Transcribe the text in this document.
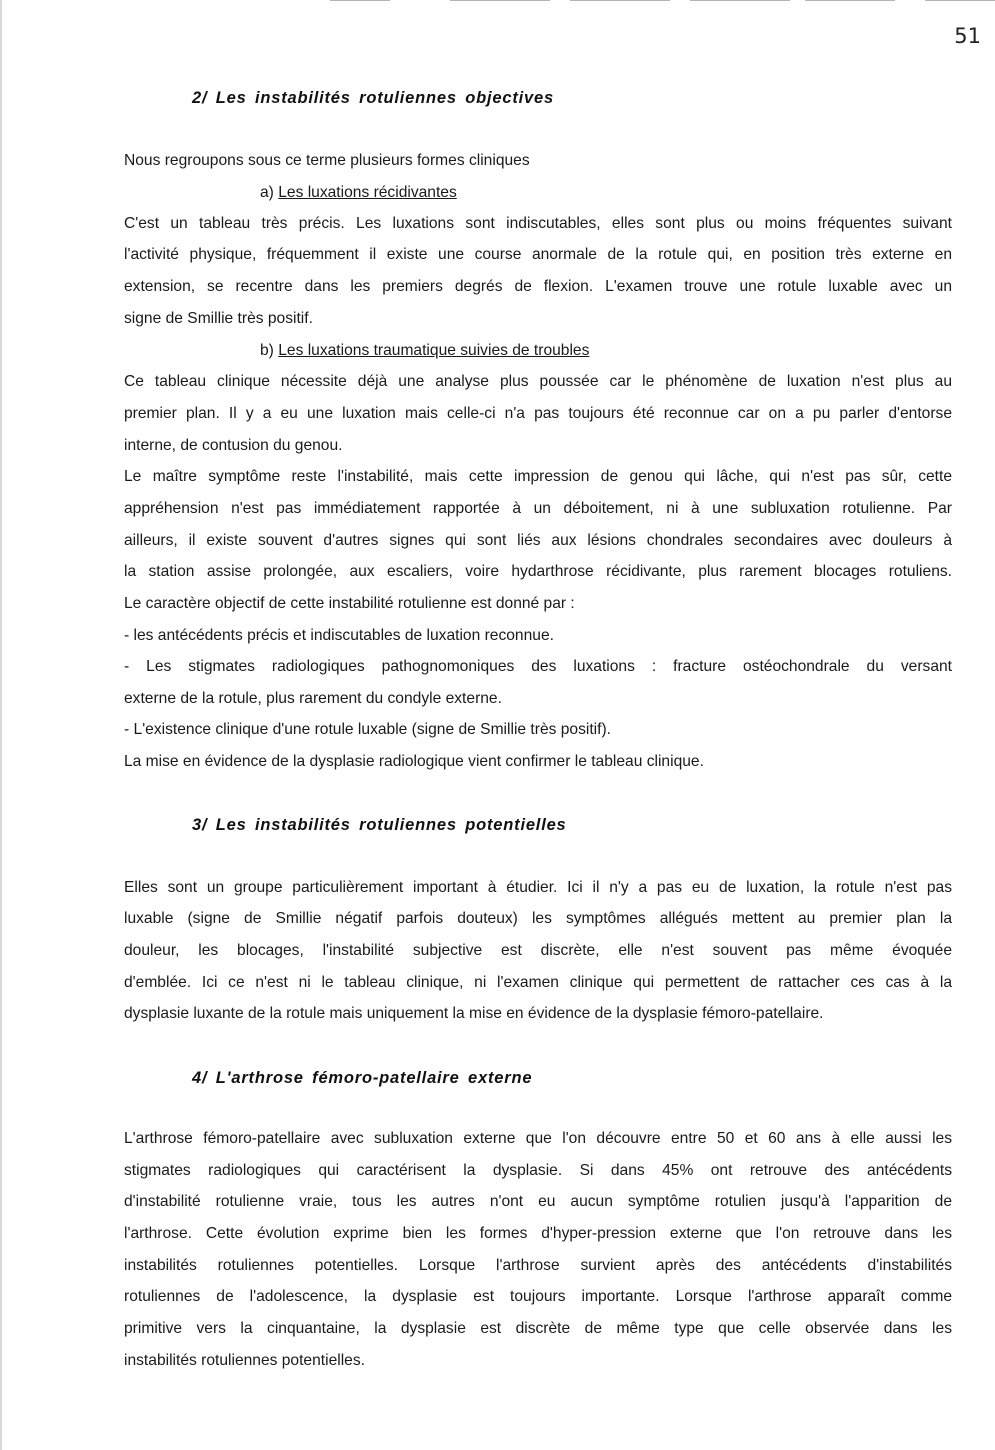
51
2/ Les instabilités rotuliennes objectives
Nous regroupons sous ce terme plusieurs formes cliniques
a) Les luxations récidivantes
C'est un tableau très précis. Les luxations sont indiscutables, elles sont plus ou moins fréquentes suivant
l'activité physique, fréquemment il existe une course anormale de la rotule qui, en position très externe en
extension, se recentre dans les premiers degrés de flexion. L'examen trouve une rotule luxable avec un
signe de Smillie très positif.
b) Les luxations traumatique suivies de troubles
Ce tableau clinique nécessite déjà une analyse plus poussée car le phénomène de luxation n'est plus au
premier plan. Il y a eu une luxation mais celle-ci n'a pas toujours été reconnue car on a pu parler d'entorse
interne, de contusion du genou.
Le maître symptôme reste l'instabilité, mais cette impression de genou qui lâche, qui n'est pas sûr, cette
appréhension n'est pas immédiatement rapportée à un déboitement, ni à une subluxation rotulienne. Par
ailleurs, il existe souvent d'autres signes qui sont liés aux lésions chondrales secondaires avec douleurs à
la station assise prolongée, aux escaliers, voire hydarthrose récidivante, plus rarement blocages rotuliens.
Le caractère objectif de cette instabilité rotulienne est donné par :
- les antécédents précis et indiscutables de luxation reconnue.
- Les stigmates radiologiques pathognomoniques des luxations : fracture ostéochondrale du versant
externe de la rotule, plus rarement du condyle externe.
- L'existence clinique d'une rotule luxable (signe de Smillie très positif).
La mise en évidence de la dysplasie radiologique vient confirmer le tableau clinique.
3/ Les instabilités rotuliennes potentielles
Elles sont un groupe particulièrement important à étudier. Ici il n'y a pas eu de luxation, la rotule n'est pas
luxable (signe de Smillie négatif parfois douteux) les symptômes allégués mettent au premier plan la
douleur, les blocages, l'instabilité subjective est discrète, elle n'est souvent pas même évoquée
d'emblée. Ici ce n'est ni le tableau clinique, ni l'examen clinique qui permettent de rattacher ces cas à la
dysplasie luxante de la rotule mais uniquement la mise en évidence de la dysplasie fémoro-patellaire.
4/ L'arthrose fémoro-patellaire externe
L'arthrose fémoro-patellaire avec subluxation externe que l'on découvre entre 50 et 60 ans à elle aussi les
stigmates radiologiques qui caractérisent la dysplasie. Si dans 45% ont retrouve des antécédents
d'instabilité rotulienne vraie, tous les autres n'ont eu aucun symptôme rotulien jusqu'à l'apparition de
l'arthrose. Cette évolution exprime bien les formes d'hyper-pression externe que l'on retrouve dans les
instabilités rotuliennes potentielles. Lorsque l'arthrose survient après des antécédents d'instabilités
rotuliennes de l'adolescence, la dysplasie est toujours importante. Lorsque l'arthrose apparaît comme
primitive vers la cinquantaine, la dysplasie est discrète de même type que celle observée dans les
instabilités rotuliennes potentielles.
